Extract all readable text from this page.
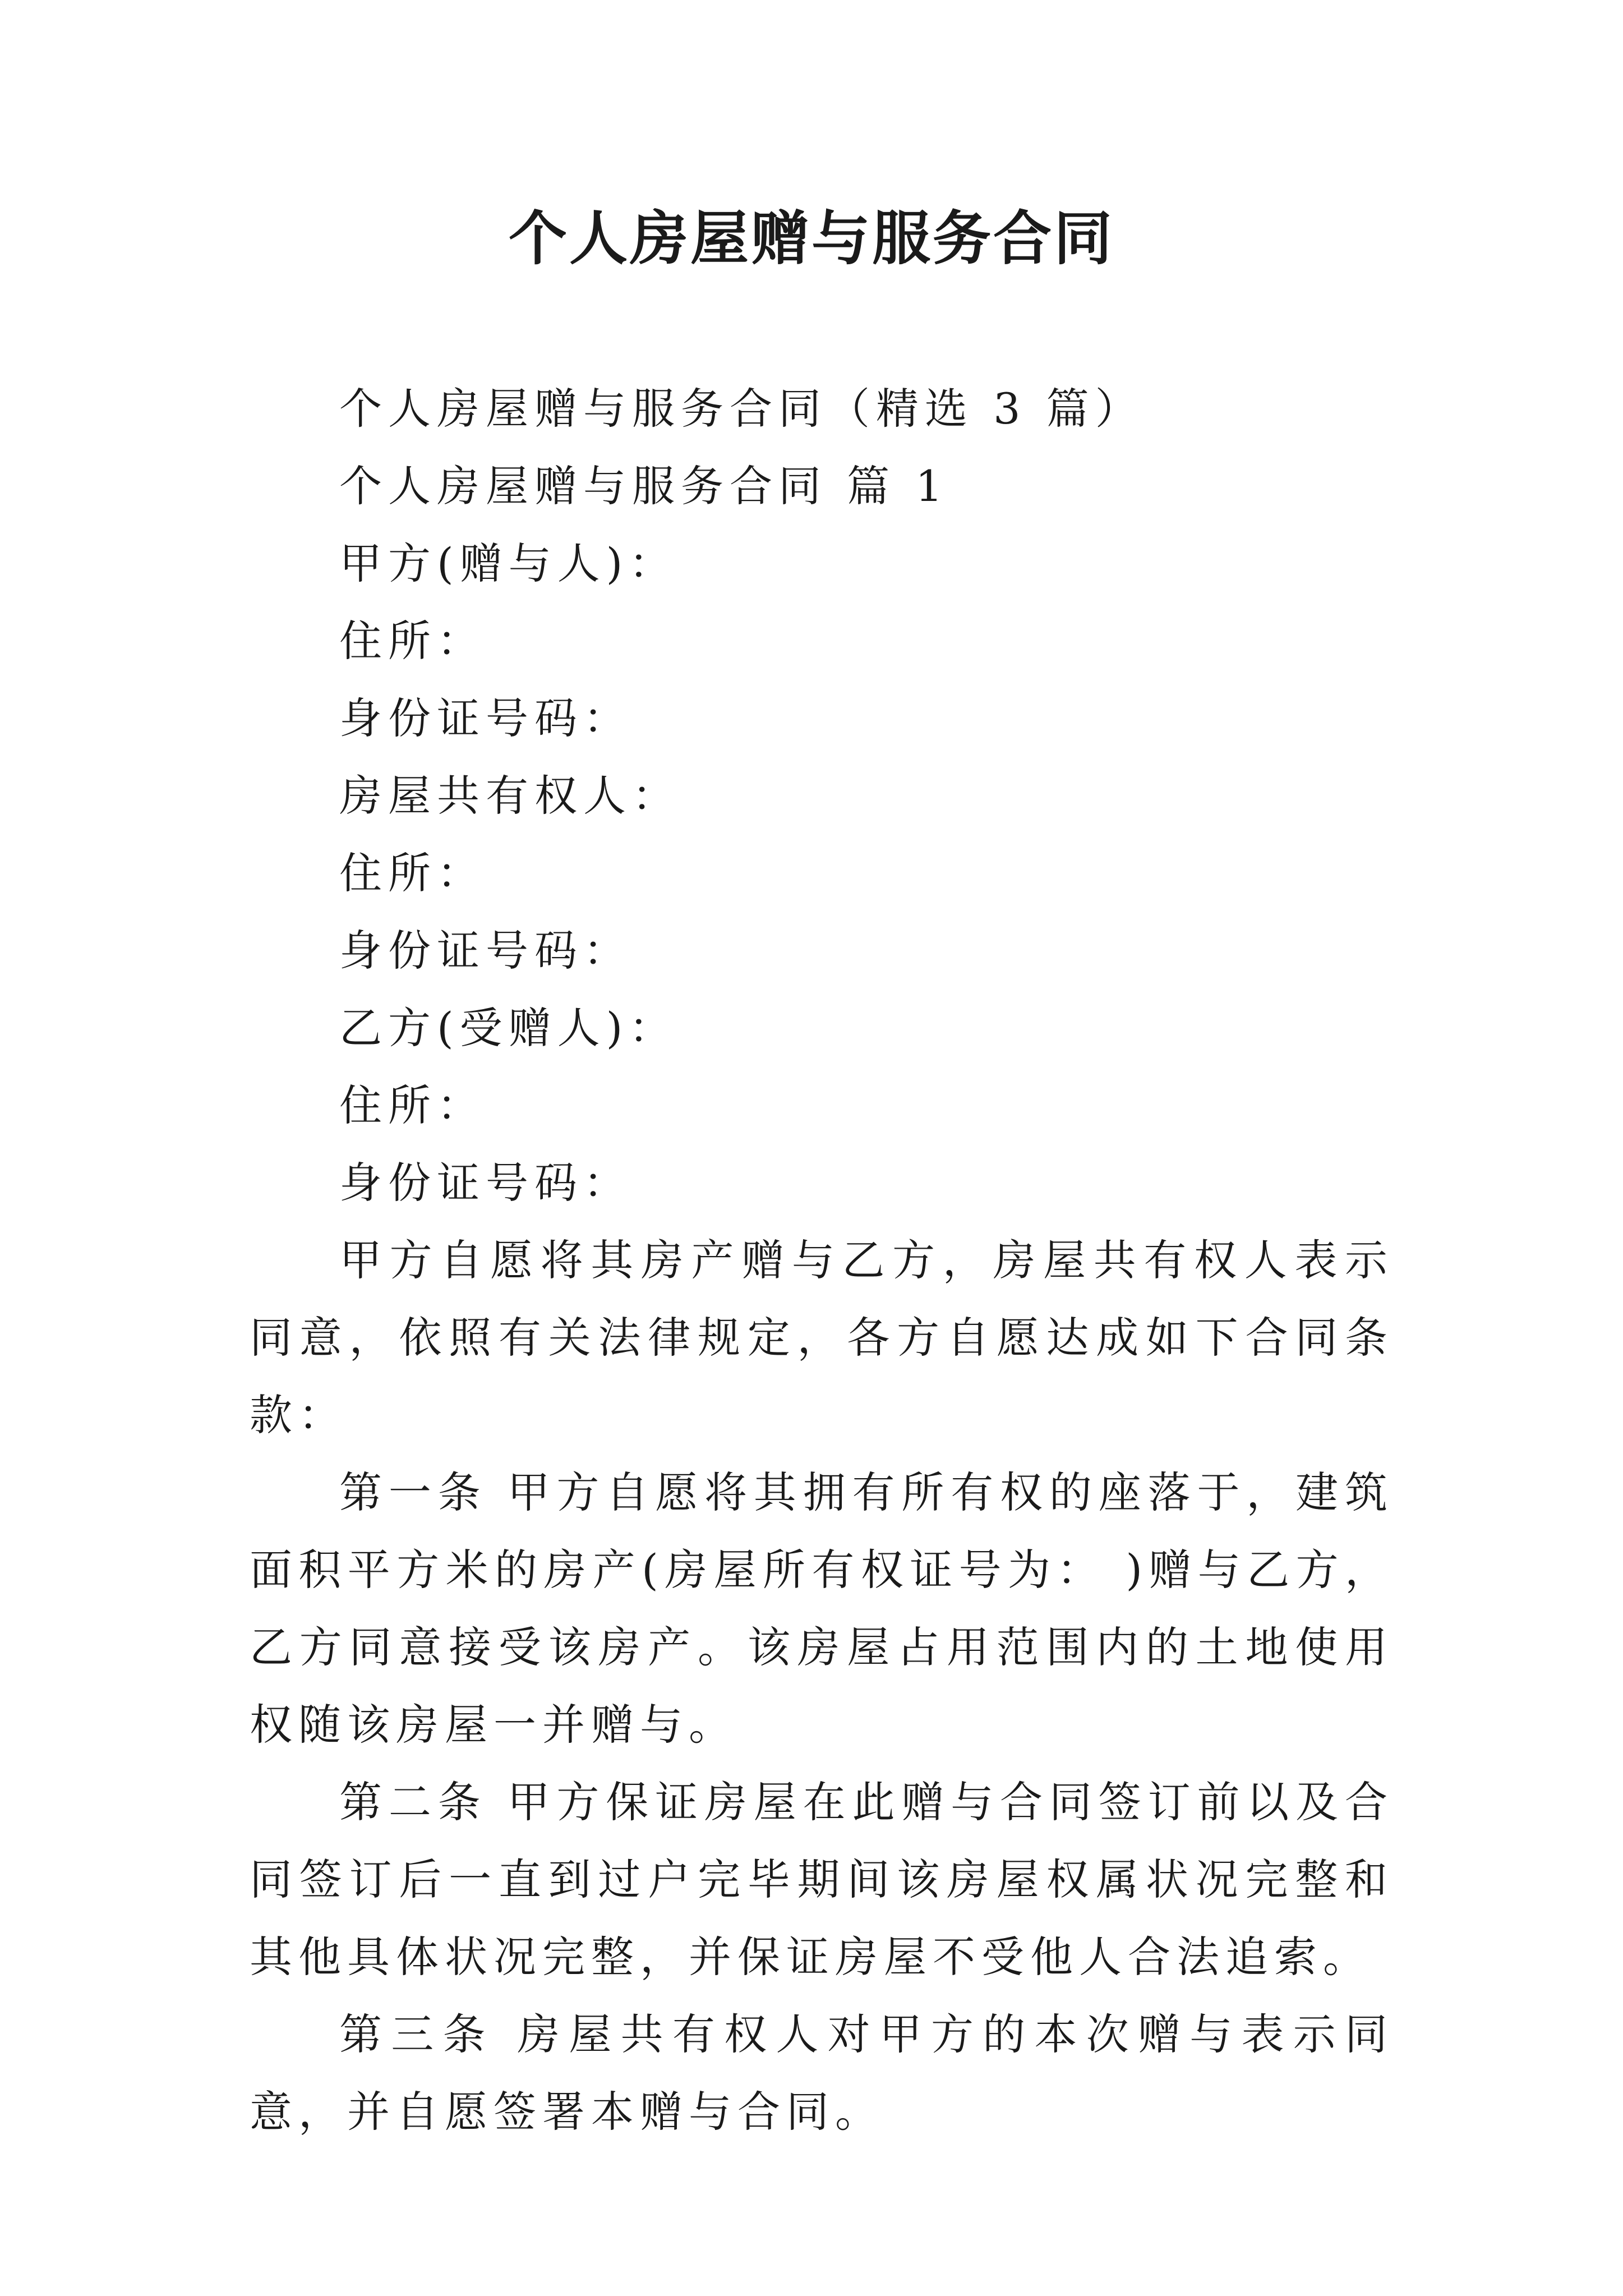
个人房屋赠与服务合同

个人房屋赠与服务合同（精选 3 篇）

个人房屋赠与服务合同 篇 1

甲方(赠与人)：

住所：

身份证号码：

房屋共有权人：

住所：

身份证号码：

乙方(受赠人)：

住所：

身份证号码：

甲方自愿将其房产赠与乙方，房屋共有权人表示同意，依照有关法律规定，各方自愿达成如下合同条款：

第一条 甲方自愿将其拥有所有权的座落于，建筑面积平方米的房产(房屋所有权证号为： )赠与乙方，乙方同意接受该房产。该房屋占用范围内的土地使用权随该房屋一并赠与。

第二条 甲方保证房屋在此赠与合同签订前以及合同签订后一直到过户完毕期间该房屋权属状况完整和其他具体状况完整，并保证房屋不受他人合法追索。

第三条 房屋共有权人对甲方的本次赠与表示同意，并自愿签署本赠与合同。
